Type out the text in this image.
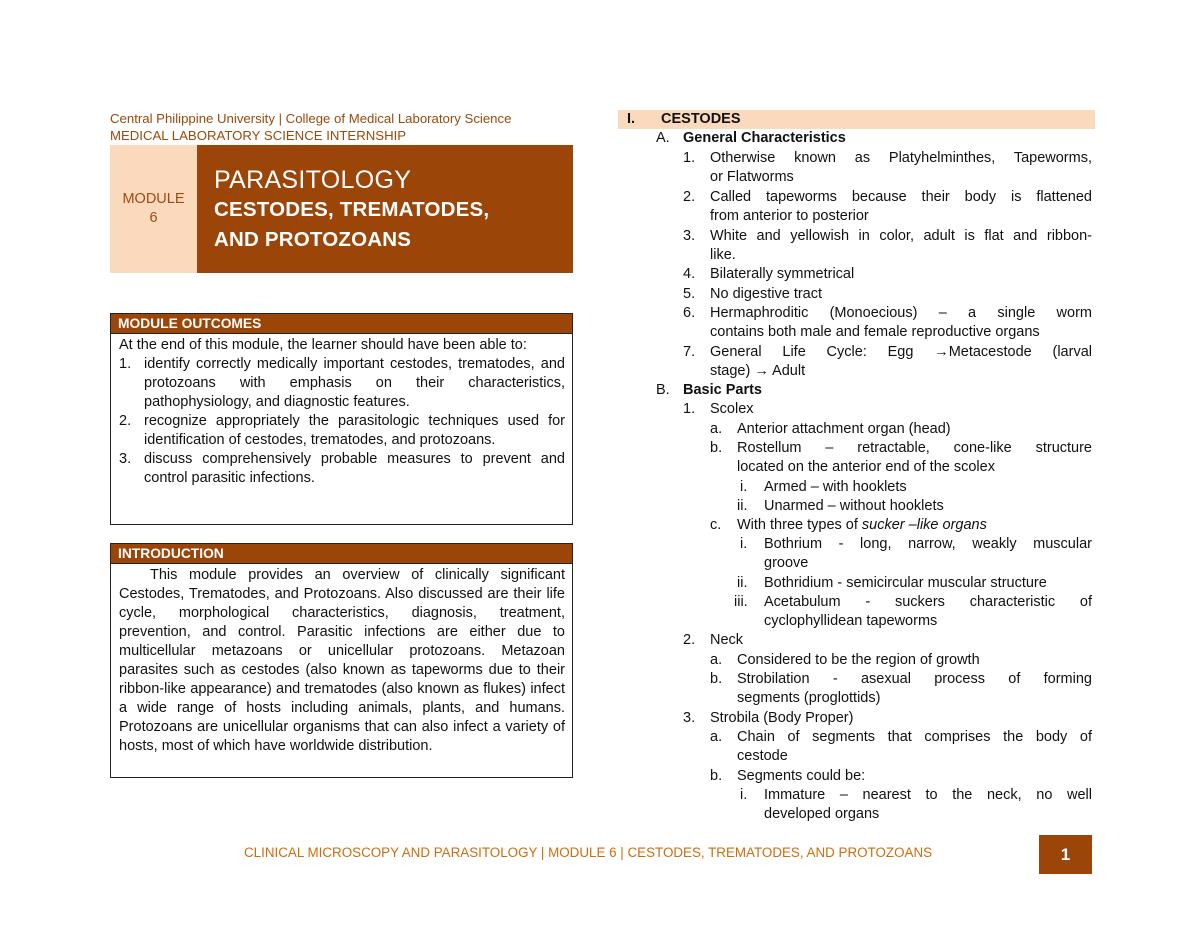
Central Philippine University | College of Medical Laboratory Science
MEDICAL LABORATORY SCIENCE INTERNSHIP
MODULE
6
PARASITOLOGY
CESTODES, TREMATODES,
AND PROTOZOANS
MODULE OUTCOMES
At the end of this module, the learner should have been able to:
1. identify correctly medically important cestodes, trematodes, and protozoans with emphasis on their characteristics, pathophysiology, and diagnostic features.
2. recognize appropriately the parasitologic techniques used for identification of cestodes, trematodes, and protozoans.
3. discuss comprehensively probable measures to prevent and control parasitic infections.
INTRODUCTION
This module provides an overview of clinically significant Cestodes, Trematodes, and Protozoans. Also discussed are their life cycle, morphological characteristics, diagnosis, treatment, prevention, and control. Parasitic infections are either due to multicellular metazoans or unicellular protozoans. Metazoan parasites such as cestodes (also known as tapeworms due to their ribbon-like appearance) and trematodes (also known as flukes) infect a wide range of hosts including animals, plants, and humans. Protozoans are unicellular organisms that can also infect a variety of hosts, most of which have worldwide distribution.
I. CESTODES
A. General Characteristics
1. Otherwise known as Platyhelminthes, Tapeworms,
or Flatworms
2. Called tapeworms because their body is flattened
from anterior to posterior
3. White and yellowish in color, adult is flat and ribbon-
like.
4. Bilaterally symmetrical
5. No digestive tract
6. Hermaphroditic (Monoecious) – a single worm
contains both male and female reproductive organs
7. General Life Cycle: Egg →Metacestode (larval
stage) → Adult
B. Basic Parts
1. Scolex
a. Anterior attachment organ (head)
b. Rostellum – retractable, cone-like structure
located on the anterior end of the scolex
i. Armed – with hooklets
ii. Unarmed – without hooklets
c. With three types of sucker –like organs
i. Bothrium - long, narrow, weakly muscular
groove
ii. Bothridium - semicircular muscular structure
iii. Acetabulum - suckers characteristic of
cyclophyllidean tapeworms
2. Neck
a. Considered to be the region of growth
b. Strobilation - asexual process of forming
segments (proglottids)
3. Strobila (Body Proper)
a. Chain of segments that comprises the body of
cestode
b. Segments could be:
i. Immature – nearest to the neck, no well
developed organs
CLINICAL MICROSCOPY AND PARASITOLOGY | MODULE 6 | CESTODES, TREMATODES, AND PROTOZOANS	1
